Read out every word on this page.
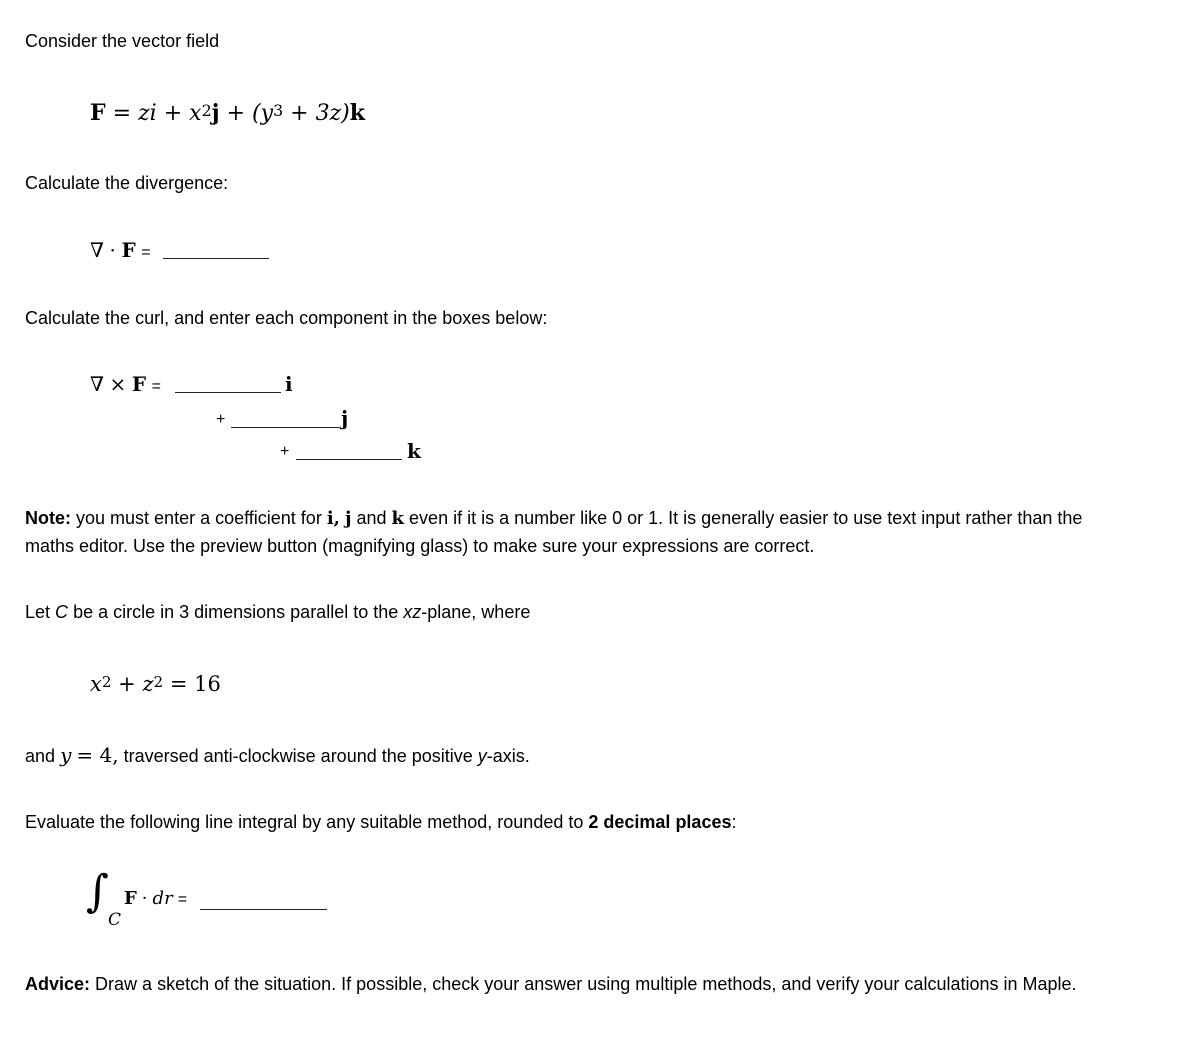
Consider the vector field
F = zi + $x^2j + (y^3 + 3z)k$
Calculate the divergence:
∇ · F =
Calculate the curl, and enter each component in the boxes below:
∇ × F =	i
+	j
+	k
Note: you must enter a coefficient for i, j and k even if it is a number like 0 or 1. It is generally easier to use text input rather than the
maths editor. Use the preview button (magnifying glass) to make sure your expressions are correct.
Let C be a circle in 3 dimensions parallel to the xz-plane, where
$x^2 + z^2 = 16$
and y = 4, traversed anti-clockwise around the positive y-axis.
Evaluate the following line integral by any suitable method, rounded to 2 decimal places:
∫
C
F · dr =
Advice: Draw a sketch of the situation. If possible, check your answer using multiple methods, and verify your calculations in Maple.
